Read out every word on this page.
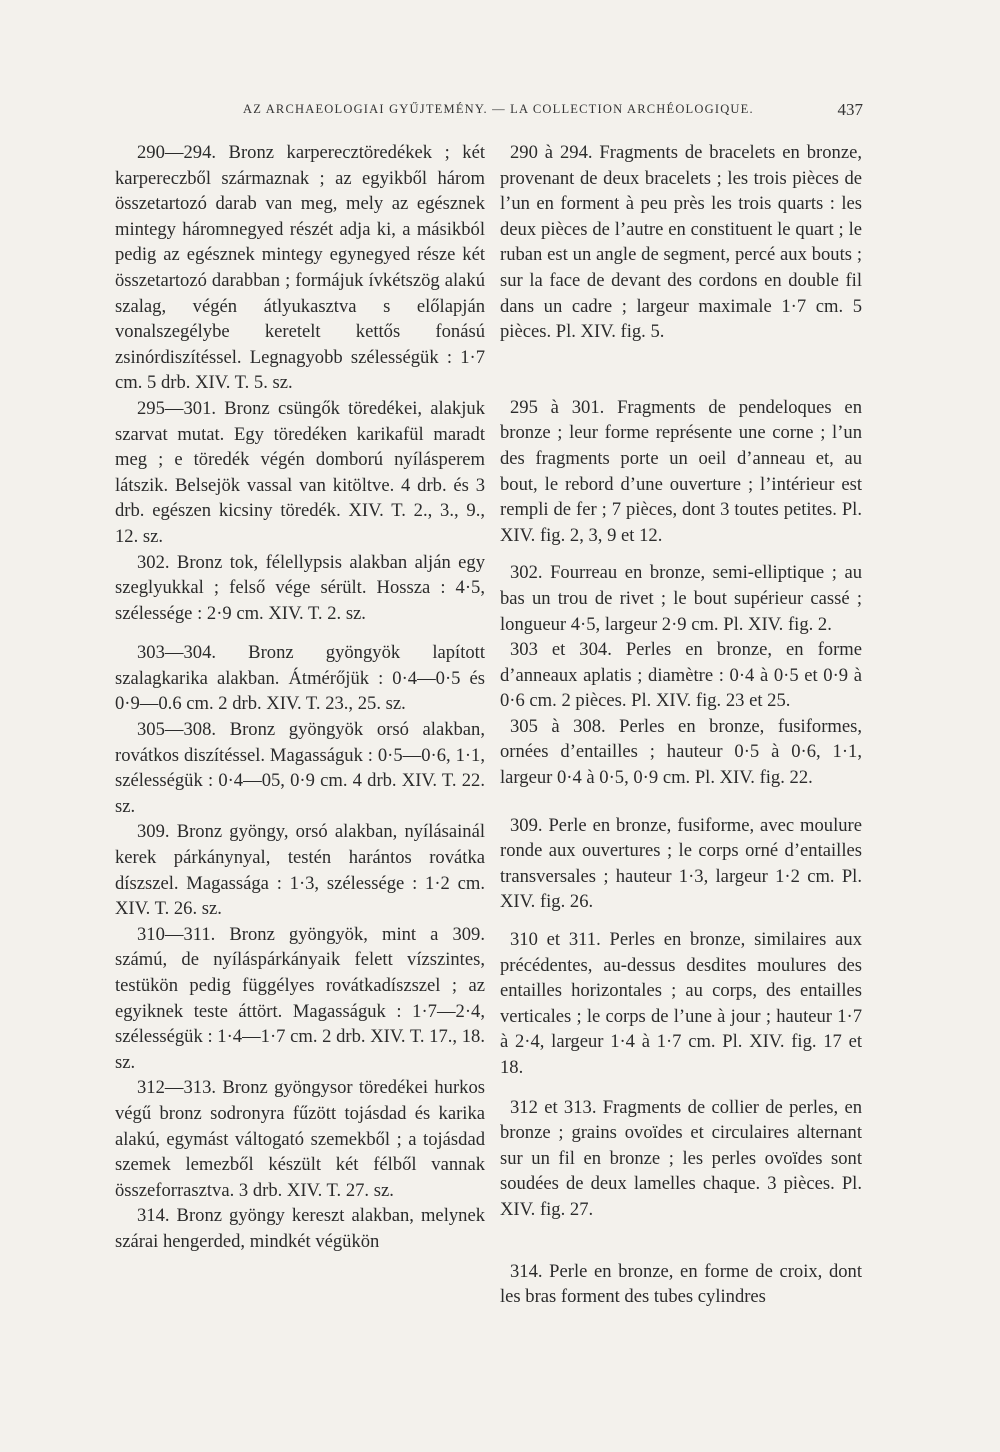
AZ ARCHAEOLOGIAI GYŰJTEMÉNY. — LA COLLECTION ARCHÉOLOGIQUE.	437

290—294. Bronz karperecztöredékek ; két karpereczből származnak ; az egyikből három összetartozó darab van meg, mely az egésznek mintegy háromnegyed részét adja ki, a másikból pedig az egésznek mintegy egynegyed része két összetartozó darabban ; formájuk ívkétszög alakú szalag, végén átlyukasztva s előlapján vonalszegélybe keretelt kettős fonású zsinórdiszítéssel. Legnagyobb szélességük : 1·7 cm. 5 drb. XIV. T. 5. sz.

295—301. Bronz csüngők töredékei, alakjuk szarvat mutat. Egy töredéken karikafül maradt meg ; e töredék végén domború nyílásperem látszik. Belsejök vassal van kitöltve. 4 drb. és 3 drb. egészen kicsiny töredék. XIV. T. 2., 3., 9., 12. sz.

302. Bronz tok, félellypsis alakban alján egy szeglyukkal ; felső vége sérült. Hossza : 4·5, szélessége : 2·9 cm. XIV. T. 2. sz.

303—304. Bronz gyöngyök lapított szalagkarika alakban. Átmérőjük : 0·4—0·5 és 0·9—0.6 cm. 2 drb. XIV. T. 23., 25. sz.

305—308. Bronz gyöngyök orsó alakban, rovátkos diszítéssel. Magasságuk : 0·5—0·6, 1·1, szélességük : 0·4—05, 0·9 cm. 4 drb. XIV. T. 22. sz.

309. Bronz gyöngy, orsó alakban, nyílásainál kerek párkánynyal, testén harántos rovátka díszszel. Magassága : 1·3, szélessége : 1·2 cm. XIV. T. 26. sz.

310—311. Bronz gyöngyök, mint a 309. számú, de nyíláspárkányaik felett vízszintes, testükön pedig függélyes rovátkadíszszel ; az egyiknek teste áttört. Magasságuk : 1·7—2·4, szélességük : 1·4—1·7 cm. 2 drb. XIV. T. 17., 18. sz.

312—313. Bronz gyöngysor töredékei hurkos végű bronz sodronyra fűzött tojásdad és karika alakú, egymást váltogató szemekből ; a tojásdad szemek lemezből készült két félből vannak összeforrasztva. 3 drb. XIV. T. 27. sz.

314. Bronz gyöngy kereszt alakban, melynek szárai hengerded, mindkét végükön

290 à 294. Fragments de bracelets en bronze, provenant de deux bracelets ; les trois pièces de l’un en forment à peu près les trois quarts : les deux pièces de l’autre en constituent le quart ; le ruban est un angle de segment, percé aux bouts ; sur la face de devant des cordons en double fil dans un cadre ; largeur maximale 1·7 cm. 5 pièces. Pl. XIV. fig. 5.

295 à 301. Fragments de pendeloques en bronze ; leur forme représente une corne ; l’un des fragments porte un oeil d’anneau et, au bout, le rebord d’une ouverture ; l’intérieur est rempli de fer ; 7 pièces, dont 3 toutes petites. Pl. XIV. fig. 2, 3, 9 et 12.

302. Fourreau en bronze, semi-elliptique ; au bas un trou de rivet ; le bout supérieur cassé ; longueur 4·5, largeur 2·9 cm. Pl. XIV. fig. 2.

303 et 304. Perles en bronze, en forme d’anneaux aplatis ; diamètre : 0·4 à 0·5 et 0·9 à 0·6 cm. 2 pièces. Pl. XIV. fig. 23 et 25.

305 à 308. Perles en bronze, fusiformes, ornées d’entailles ; hauteur 0·5 à 0·6, 1·1, largeur 0·4 à 0·5, 0·9 cm. Pl. XIV. fig. 22.

309. Perle en bronze, fusiforme, avec moulure ronde aux ouvertures ; le corps orné d’entailles transversales ; hauteur 1·3, largeur 1·2 cm. Pl. XIV. fig. 26.

310 et 311. Perles en bronze, similaires aux précédentes, au-dessus desdites moulures des entailles horizontales ; au corps, des entailles verticales ; le corps de l’une à jour ; hauteur 1·7 à 2·4, largeur 1·4 à 1·7 cm. Pl. XIV. fig. 17 et 18.

312 et 313. Fragments de collier de perles, en bronze ; grains ovoïdes et circulaires alternant sur un fil en bronze ; les perles ovoïdes sont soudées de deux lamelles chaque. 3 pièces. Pl. XIV. fig. 27.

314. Perle en bronze, en forme de croix, dont les bras forment des tubes cylindres
